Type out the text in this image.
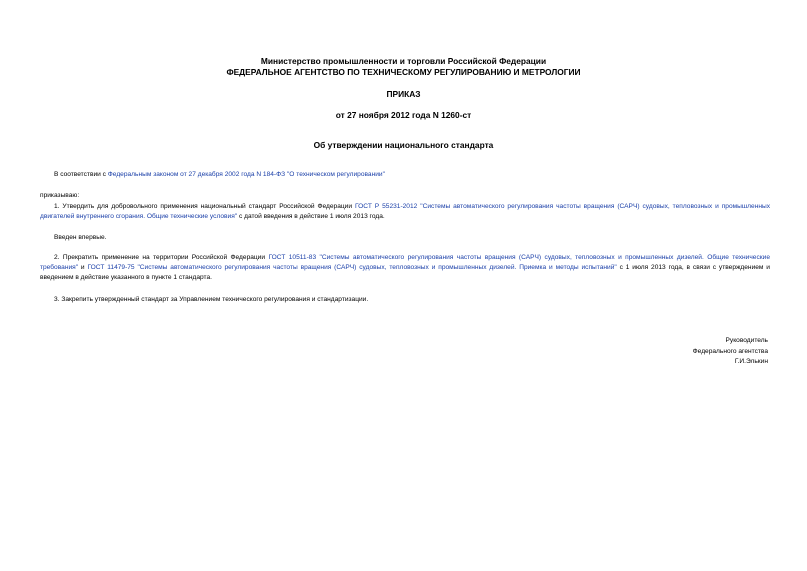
Министерство промышленности и торговли Российской Федерации
ФЕДЕРАЛЬНОЕ АГЕНТСТВО ПО ТЕХНИЧЕСКОМУ РЕГУЛИРОВАНИЮ И МЕТРОЛОГИИ
ПРИКАЗ
от 27 ноября 2012 года N 1260-ст
Об утверждении национального стандарта
В соответствии с Федеральным законом от 27 декабря 2002 года N 184-ФЗ "О техническом регулировании"
приказываю:
1. Утвердить для добровольного применения национальный стандарт Российской Федерации ГОСТ Р 55231-2012 "Системы автоматического регулирования частоты вращения (САРЧ) судовых, тепловозных и промышленных двигателей внутреннего сгорания. Общие технические условия" с датой введения в действие 1 июля 2013 года.
Введен впервые.
2. Прекратить применение на территории Российской Федерации ГОСТ 10511-83 "Системы автоматического регулирования частоты вращения (САРЧ) судовых, тепловозных и промышленных дизелей. Общие технические требования" и ГОСТ 11479-75 "Системы автоматического регулирования частоты вращения (САРЧ) судовых, тепловозных и промышленных дизелей. Приемка и методы испытаний" с 1 июля 2013 года, в связи с утверждением и введением в действие указанного в пункте 1 стандарта.
3. Закрепить утвержденный стандарт за Управлением технического регулирования и стандартизации.
Руководитель
Федерального агентства
Г.И.Элькин
